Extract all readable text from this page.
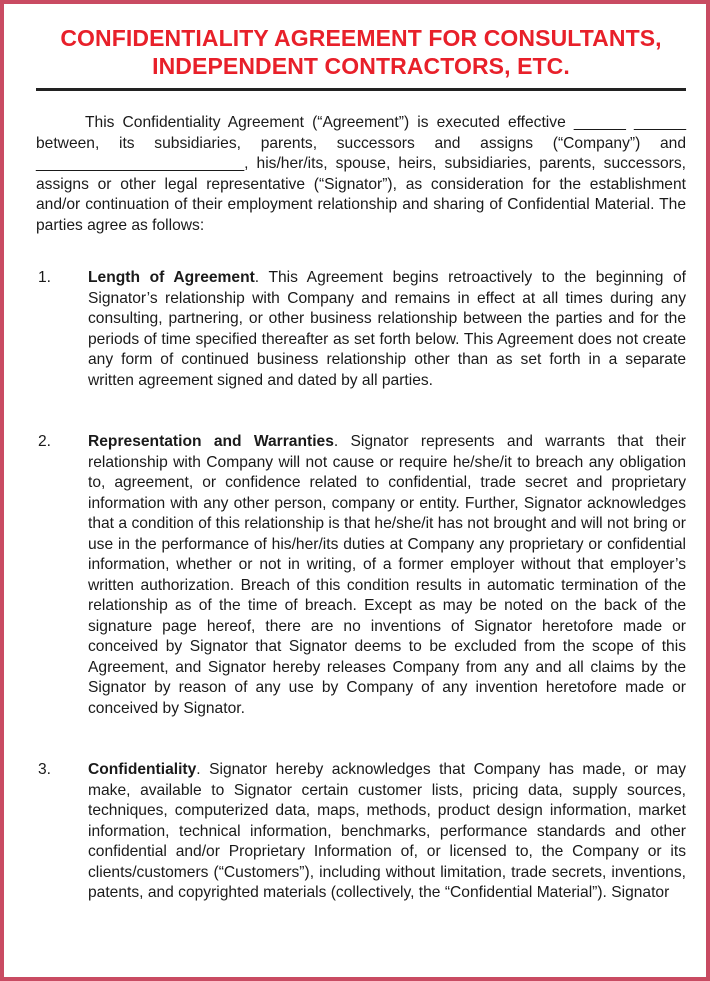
CONFIDENTIALITY AGREEMENT FOR CONSULTANTS,
INDEPENDENT CONTRACTORS, ETC.

This Confidentiality Agreement (“Agreement”) is executed effective ______ ______ between, its subsidiaries, parents, successors and assigns (“Company”) and ________________________, his/her/its, spouse, heirs, subsidiaries, parents, successors, assigns or other legal representative (“Signator”), as consideration for the establishment and/or continuation of their employment relationship and sharing of Confidential Material. The parties agree as follows:

1.	Length of Agreement. This Agreement begins retroactively to the beginning of Signator’s relationship with Company and remains in effect at all times during any consulting, partnering, or other business relationship between the parties and for the periods of time specified thereafter as set forth below. This Agreement does not create any form of continued business relationship other than as set forth in a separate written agreement signed and dated by all parties.
2.	Representation and Warranties. Signator represents and warrants that their relationship with Company will not cause or require he/she/it to breach any obligation to, agreement, or confidence related to confidential, trade secret and proprietary information with any other person, company or entity. Further, Signator acknowledges that a condition of this relationship is that he/she/it has not brought and will not bring or use in the performance of his/her/its duties at Company any proprietary or confidential information, whether or not in writing, of a former employer without that employer’s written authorization. Breach of this condition results in automatic termination of the relationship as of the time of breach. Except as may be noted on the back of the signature page hereof, there are no inventions of Signator heretofore made or conceived by Signator that Signator deems to be excluded from the scope of this Agreement, and Signator hereby releases Company from any and all claims by the Signator by reason of any use by Company of any invention heretofore made or conceived by Signator.
3.	Confidentiality. Signator hereby acknowledges that Company has made, or may make, available to Signator certain customer lists, pricing data, supply sources, techniques, computerized data, maps, methods, product design information, market information, technical information, benchmarks, performance standards and other confidential and/or Proprietary Information of, or licensed to, the Company or its clients/customers (“Customers”), including without limitation, trade secrets, inventions, patents, and copyrighted materials (collectively, the “Confidential Material”). Signator
